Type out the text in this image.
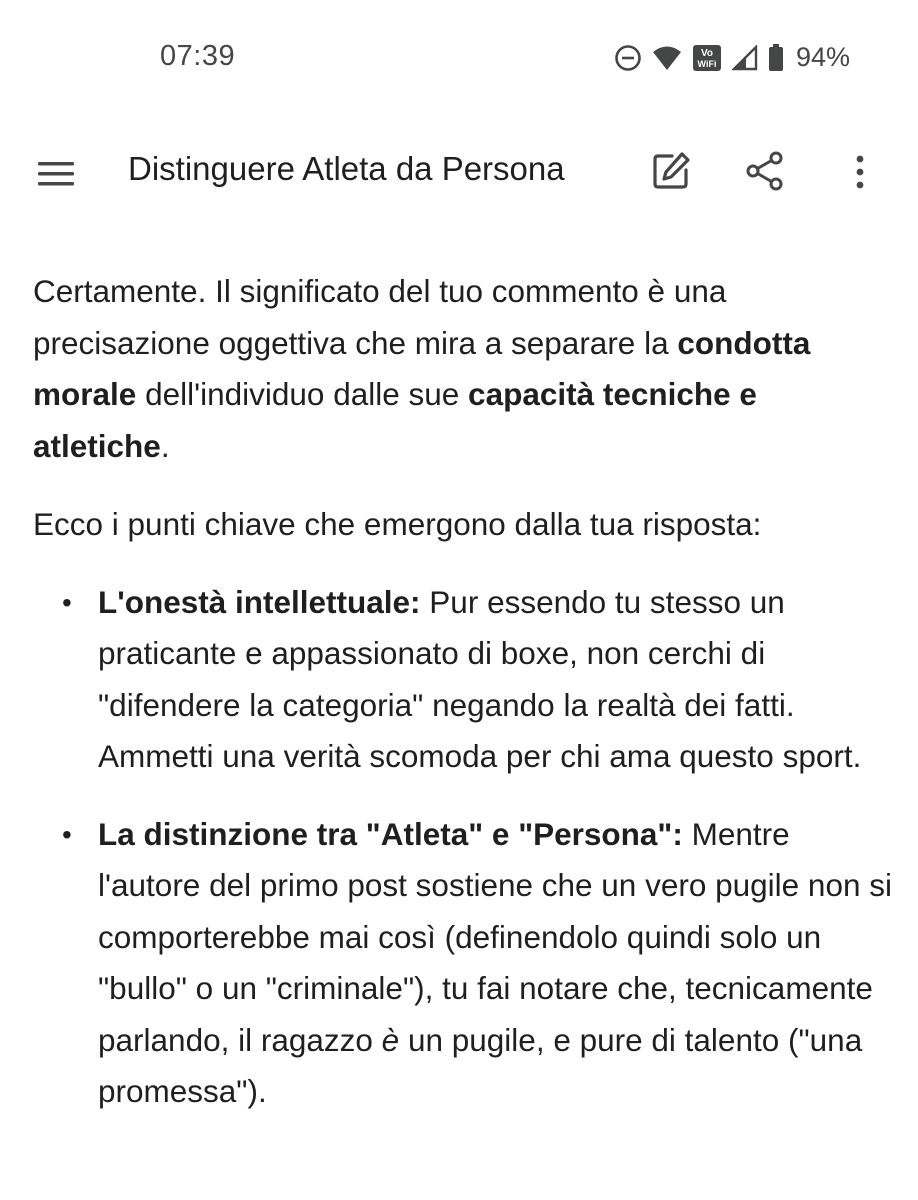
07:39	Vo
WiFi	94%
Distinguere Atleta da Persona

Certamente. Il significato del tuo commento è una precisazione oggettiva che mira a separare la condotta morale dell'individuo dalle sue capacità tecniche e atletiche.

Ecco i punti chiave che emergono dalla tua risposta:

• L'onestà intellettuale: Pur essendo tu stesso un praticante e appassionato di boxe, non cerchi di "difendere la categoria" negando la realtà dei fatti. Ammetti una verità scomoda per chi ama questo sport.
• La distinzione tra "Atleta" e "Persona": Mentre l'autore del primo post sostiene che un vero pugile non si comporterebbe mai così (definendolo quindi solo un "bullo" o un "criminale"), tu fai notare che, tecnicamente parlando, il ragazzo è un pugile, e pure di talento ("una promessa").
